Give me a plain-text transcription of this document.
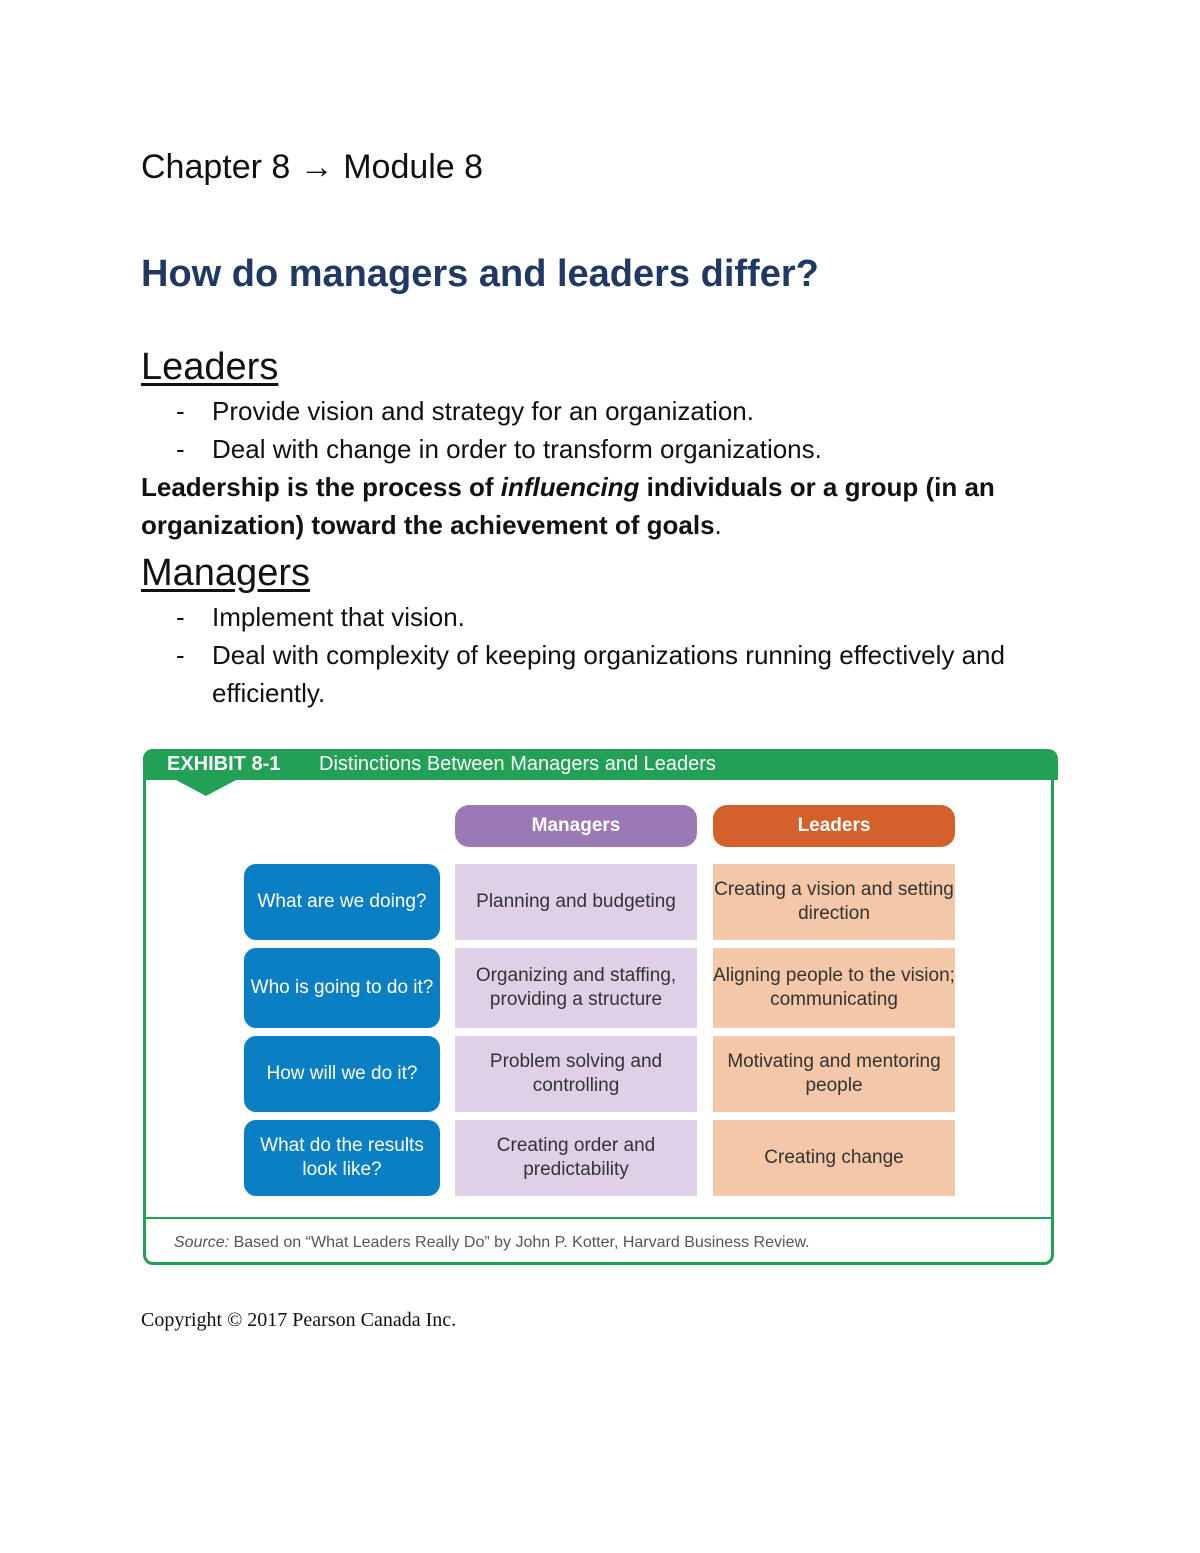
Chapter 8 → Module 8
How do managers and leaders differ?
Leaders
- Provide vision and strategy for an organization.
- Deal with change in order to transform organizations.
Leadership is the process of influencing individuals or a group (in an organization) toward the achievement of goals.
Managers
- Implement that vision.
- Deal with complexity of keeping organizations running effectively and efficiently.
EXHIBIT 8-1 Distinctions Between Managers and Leaders
Managers	Leaders
What are we doing?	Planning and budgeting
Creating a vision and setting direction
Who is going to do it?
Organizing and staffing, providing a structure
Aligning people to the vision; communicating
How will we do it?
Problem solving and controlling
Motivating and mentoring people
What do the results look like?
Creating order and predictability
Creating change
Source: Based on “What Leaders Really Do” by John P. Kotter, Harvard Business Review.
Copyright © 2017 Pearson Canada Inc.
